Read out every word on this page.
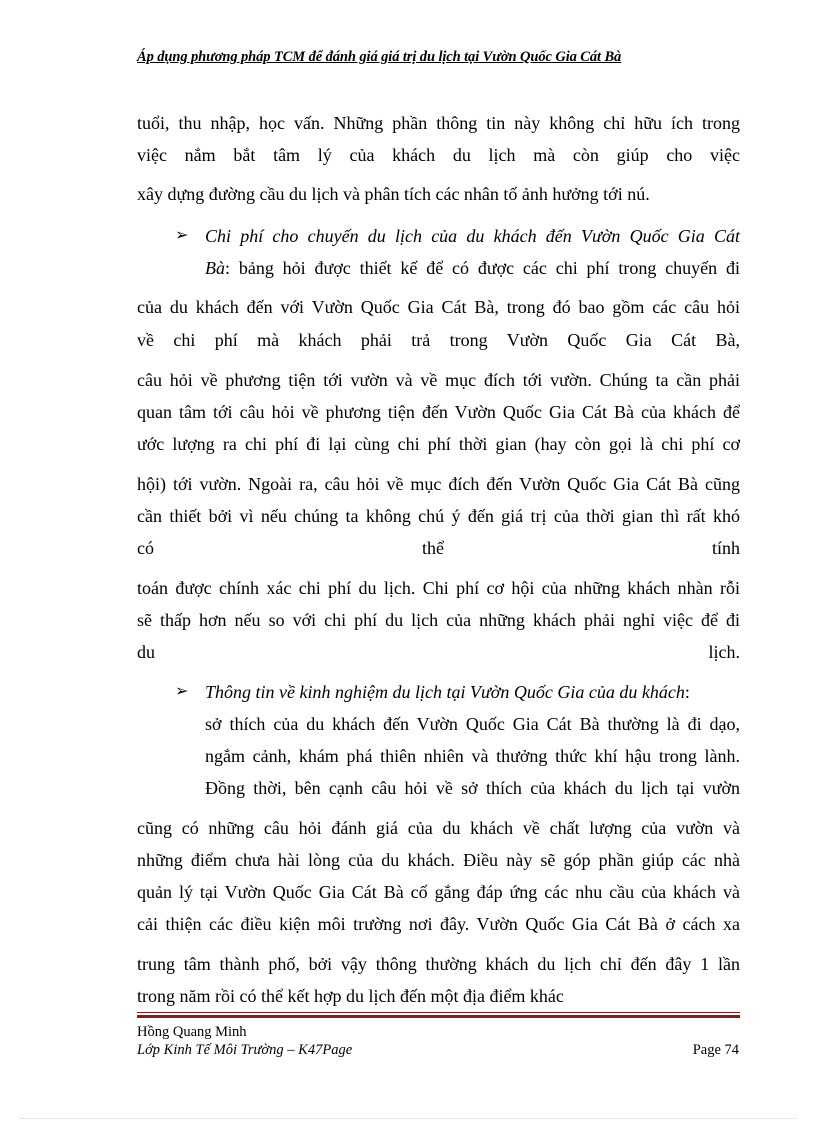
Áp dụng phương pháp TCM để đánh giá giá trị du lịch tại Vườn Quốc Gia Cát Bà
tuổi, thu nhập, học vấn. Những phần thông tin này không chỉ hữu ích trong
việc nắm bắt tâm lý của khách du lịch mà còn giúp cho việc
xây dựng đường cầu du lịch và phân tích các nhân tố ảnh hưởng tới nú.
➢ Chi phí cho chuyến du lịch của du khách đến Vườn Quốc Gia Cát
Bà: bảng hỏi được thiết kế để có được các chi phí trong chuyến đi
của du khách đến với Vườn Quốc Gia Cát Bà, trong đó bao gồm các câu hỏi
về chi phí mà khách phải trả trong Vườn Quốc Gia Cát Bà,
câu hỏi về phương tiện tới vườn và về mục đích tới vườn. Chúng ta cần phải
quan tâm tới câu hỏi về phương tiện đến Vườn Quốc Gia Cát Bà của khách để
ước lượng ra chi phí đi lại cùng chi phí thời gian (hay còn gọi là chi phí cơ
hội) tới vườn. Ngoài ra, câu hỏi về mục đích đến Vườn Quốc Gia Cát Bà cũng
cần thiết bởi vì nếu chúng ta không chú ý đến giá trị của thời gian thì rất khó
có thể tính
toán được chính xác chi phí du lịch. Chi phí cơ hội của những khách nhàn rỗi
sẽ thấp hơn nếu so với chi phí du lịch của những khách phải nghỉ việc để đi
du lịch.
➢ Thông tin về kinh nghiệm du lịch tại Vườn Quốc Gia của du khách:
sở thích của du khách đến Vườn Quốc Gia Cát Bà thường là đi dạo,
ngắm cảnh, khám phá thiên nhiên và thưởng thức khí hậu trong lành.
Đồng thời, bên cạnh câu hỏi về sở thích của khách du lịch tại vườn
cũng có những câu hỏi đánh giá của du khách về chất lượng của vườn và
những điểm chưa hài lòng của du khách. Điều này sẽ góp phần giúp các nhà
quản lý tại Vườn Quốc Gia Cát Bà cố gắng đáp ứng các nhu cầu của khách và
cải thiện các điều kiện môi trường nơi đây. Vườn Quốc Gia Cát Bà ở cách xa
trung tâm thành phố, bởi vậy thông thường khách du lịch chỉ đến đây 1 lần
trong năm rồi có thể kết hợp du lịch đến một địa điểm khác
Hồng Quang Minh
Lớp Kinh Tế Môi Trường – K47Page	Page 74
